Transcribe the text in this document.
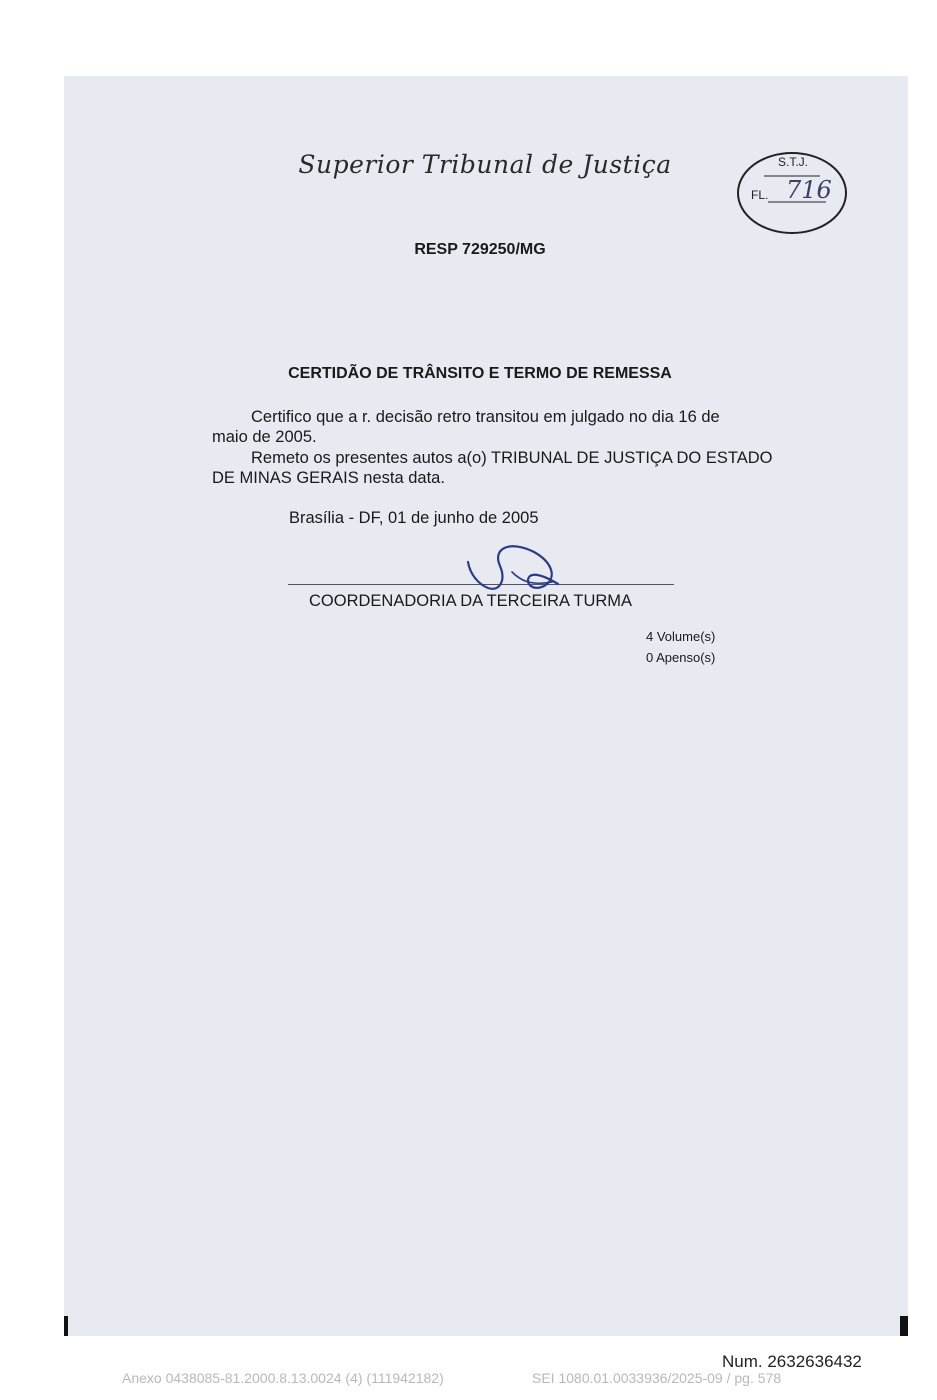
Superior Tribunal de Justiça	S.T.J.
FL. 716
RESP 729250/MG
CERTIDÃO DE TRÂNSITO E TERMO DE REMESSA
Certifico que a r. decisão retro transitou em julgado no dia 16 de
maio de 2005.
Remeto os presentes autos a(o) TRIBUNAL DE JUSTIÇA DO ESTADO
DE MINAS GERAIS nesta data.
Brasília - DF, 01 de junho de 2005
COORDENADORIA DA TERCEIRA TURMA
4 Volume(s)
0 Apenso(s)
Num. 2632636432
Anexo 0438085-81.2000.8.13.0024 (4) (111942182)	SEI 1080.01.0033936/2025-09 / pg. 578
